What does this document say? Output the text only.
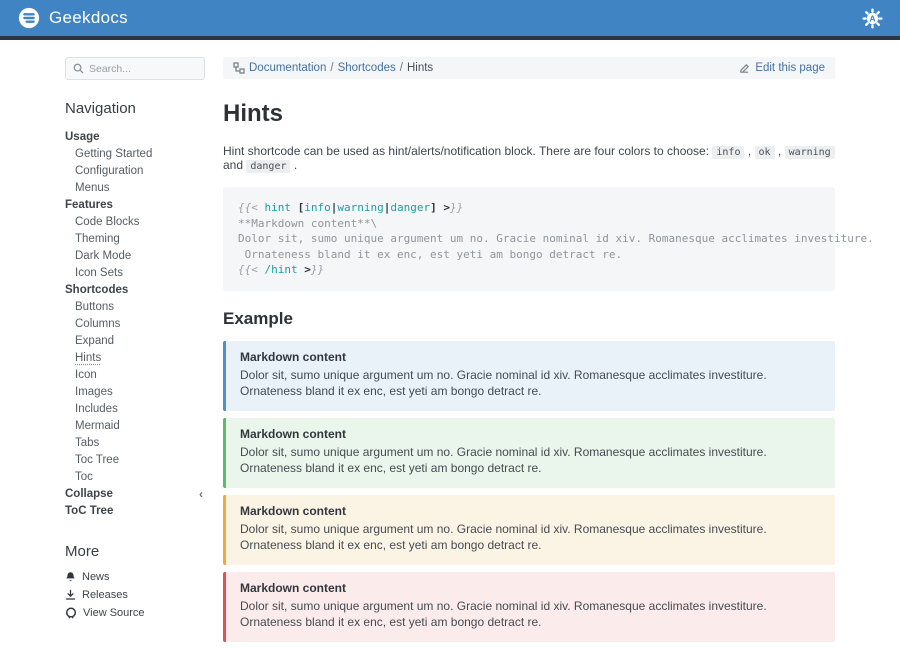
Geekdocs	A
Search...
Navigation
Usage
Getting Started
Configuration
Menus
Features
Code Blocks
Theming
Dark Mode
Icon Sets
Shortcodes
Buttons
Columns
Expand
Hints
Icon
Images
Includes
Mermaid
Tabs
Toc Tree
Toc
Collapse	‹
ToC Tree
More
News
Releases
View Source
Documentation / Shortcodes / Hints	Edit this page
Hints

Hint shortcode can be used as hint/alerts/notification block. There are four colors to choose: info , ok , warning and danger .

{{< hint [info|warning|danger] >}}
**Markdown content**\
Dolor sit, sumo unique argument um no. Gracie nominal id xiv. Romanesque acclimates investiture.
Ornateness bland it ex enc, est yeti am bongo detract re.
{{< /hint >}}

Example
Markdown content
Dolor sit, sumo unique argument um no. Gracie nominal id xiv. Romanesque acclimates investiture. Ornateness bland it ex enc, est yeti am bongo detract re.
Markdown content
Dolor sit, sumo unique argument um no. Gracie nominal id xiv. Romanesque acclimates investiture. Ornateness bland it ex enc, est yeti am bongo detract re.
Markdown content
Dolor sit, sumo unique argument um no. Gracie nominal id xiv. Romanesque acclimates investiture. Ornateness bland it ex enc, est yeti am bongo detract re.
Markdown content
Dolor sit, sumo unique argument um no. Gracie nominal id xiv. Romanesque acclimates investiture. Ornateness bland it ex enc, est yeti am bongo detract re.
